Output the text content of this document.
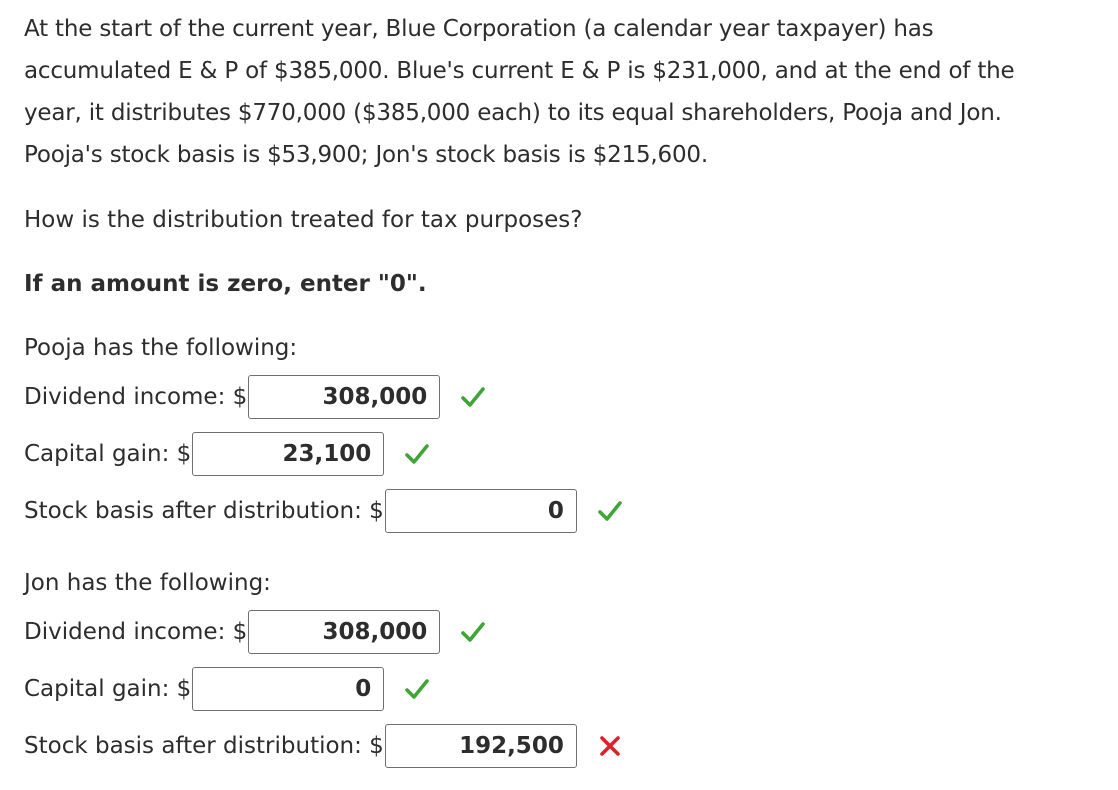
At the start of the current year, Blue Corporation (a calendar year taxpayer) has
accumulated E & P of $385,000. Blue's current E & P is $231,000, and at the end of the
year, it distributes $770,000 ($385,000 each) to its equal shareholders, Pooja and Jon.
Pooja's stock basis is $53,900; Jon's stock basis is $215,600.
How is the distribution treated for tax purposes?
If an amount is zero, enter "0".
Pooja has the following:
Dividend income: $	308,000
Capital gain: $	23,100
Stock basis after distribution: $	0
Jon has the following:
Dividend income: $	308,000
Capital gain: $	0
Stock basis after distribution: $	192,500
